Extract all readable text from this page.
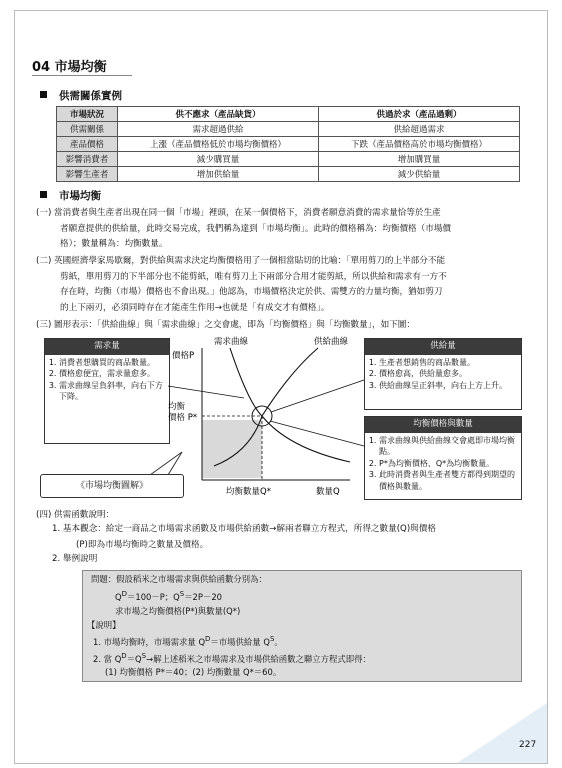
04 市場均衡
供需關係實例
市場狀況	供不應求（產品缺貨）	供過於求（產品過剩）
供需關係	需求超過供給	供給超過需求
產品價格	上漲（產品價格低於市場均衡價格）	下跌（產品價格高於市場均衡價格）
影響消費者	減少購買量	增加購買量
影響生產者	增加供給量	減少供給量
市場均衡
(一) 當消費者與生產者出現在同一個「市場」裡頭，在某一個價格下，消費者願意消費的需求量恰等於生產
者願意提供的供給量，此時交易完成，我們稱為達到「市場均衡」。此時的價格稱為：均衡價格（市場價
格）；數量稱為：均衡數量。
(二) 英國經濟學家馬歇爾，對供給與需求決定均衡價格用了一個相當貼切的比喻：「單用剪刀的上半部分不能
剪紙，單用剪刀的下半部分也不能剪紙，唯有剪刀上下兩部分合用才能剪紙，所以供給和需求有一方不
存在時，均衡（市場）價格也不會出現。」他認為，市場價格決定於供、需雙方的力量均衡，猶如剪刀
的上下兩刃，必須同時存在才能產生作用→也就是「有成交才有價格」。
(三) 圖形表示：「供給曲線」與「需求曲線」之交會處，即為「均衡價格」與「均衡數量」，如下圖：
需求量
1. 消費者想購買的商品數量。
2. 價格愈便宜，需求量愈多。
3. 需求曲線呈負斜率，向右下方下降。
供給量
1. 生產者想銷售的商品數量。
2. 價格愈高，供給量愈多。
3. 供給曲線呈正斜率，向右上方上升。
均衡價格與數量
1. 需求曲線與供給曲線交會處即市場均衡點。
2. P*為均衡價格、Q*為均衡數量。
3. 此時消費者與生產者雙方都得到期望的價格與數量。
價格P
需求曲線	供給曲線
均衡
價格 P*
均衡數量Q*	數量Q
《市場均衡圖解》
(四) 供需函數說明：
1. 基本觀念：給定一商品之市場需求函數及市場供給函數→解兩者聯立方程式，所得之數量(Q)與價格
(P)即為市場均衡時之數量及價格。
2. 舉例說明
問題：假設稻米之市場需求與供給函數分別為：
$Q^D=100-P$；$Q^S=2P-20$
求市場之均衡價格(P*)與數量(Q*)
【說明】
1. 市場均衡時，市場需求量 $Q^D=$市場供給量 $Q^S$。
2. 當 $Q^D=Q^S\to$解上述稻米之市場需求及市場供給函數之聯立方程式即得：
(1) 均衡價格 P*＝40；(2) 均衡數量 Q*＝60。
227
